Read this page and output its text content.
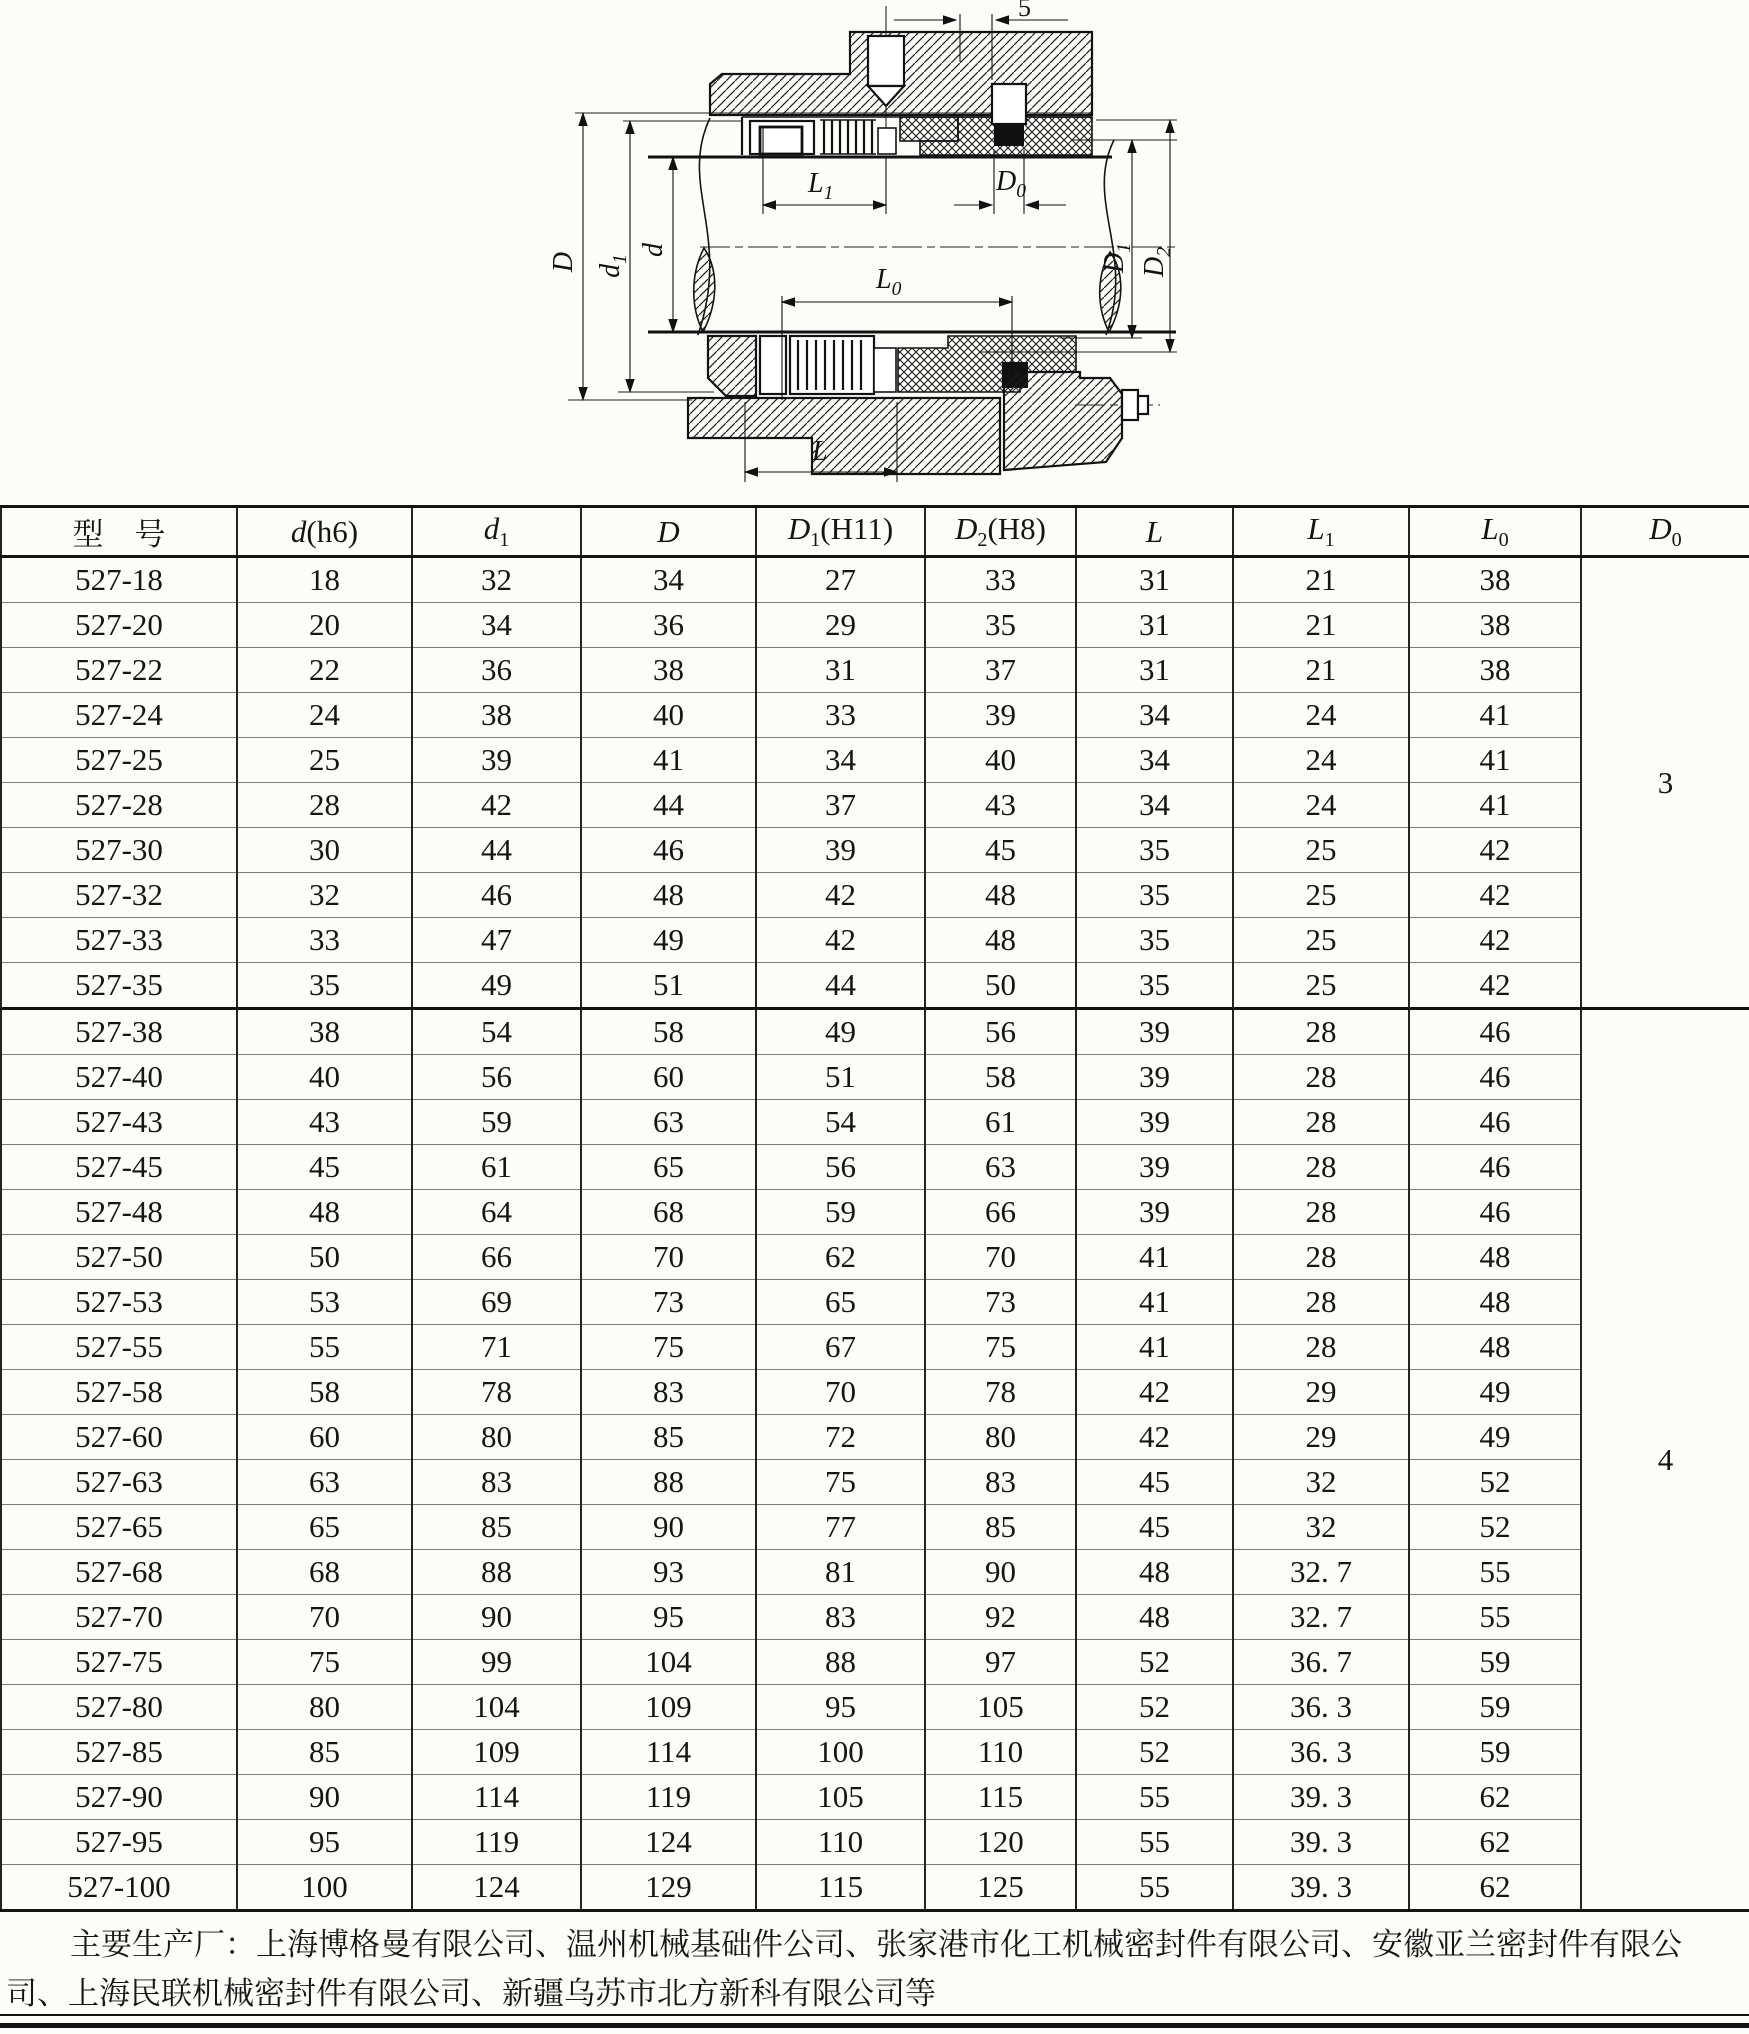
5
$L_1$	$D_0$
$L_0$
L
D $d_1$
d
$D_1$
$D_2$
型　号	d(h6)	$d_1$	D	$D_1(H11)$	$D_2(H8)$	L	$L_1$	$L_0$	$D_0$
527-18	18	32	34	27	33	31	21	38	3
527-20	20	34	36	29	35	31	21	38	
527-22	22	36	38	31	37	31	21	38	
527-24	24	38	40	33	39	34	24	41	
527-25	25	39	41	34	40	34	24	41	
527-28	28	42	44	37	43	34	24	41	
527-30	30	44	46	39	45	35	25	42	
527-32	32	46	48	42	48	35	25	42	
527-33	33	47	49	42	48	35	25	42	
527-35	35	49	51	44	50	35	25	42	
527-38	38	54	58	49	56	39	28	46	4
527-40	40	56	60	51	58	39	28	46	
527-43	43	59	63	54	61	39	28	46	
527-45	45	61	65	56	63	39	28	46	
527-48	48	64	68	59	66	39	28	46	
527-50	50	66	70	62	70	41	28	48	
527-53	53	69	73	65	73	41	28	48	
527-55	55	71	75	67	75	41	28	48	
527-58	58	78	83	70	78	42	29	49	
527-60	60	80	85	72	80	42	29	49	
527-63	63	83	88	75	83	45	32	52	
527-65	65	85	90	77	85	45	32	52	
527-68	68	88	93	81	90	48	32. 7	55	
527-70	70	90	95	83	92	48	32. 7	55	
527-75	75	99	104	88	97	52	36. 7	59	
527-80	80	104	109	95	105	52	36. 3	59	
527-85	85	109	114	100	110	52	36. 3	59	
527-90	90	114	119	105	115	55	39. 3	62	
527-95	95	119	124	110	120	55	39. 3	62	
527-100	100	124	129	115	125	55	39. 3	62	
主要生产厂：上海博格曼有限公司、温州机械基础件公司、张家港市化工机械密封件有限公司、安徽亚兰密封件有限公
司、上海民联机械密封件有限公司、新疆乌苏市北方新科有限公司等
